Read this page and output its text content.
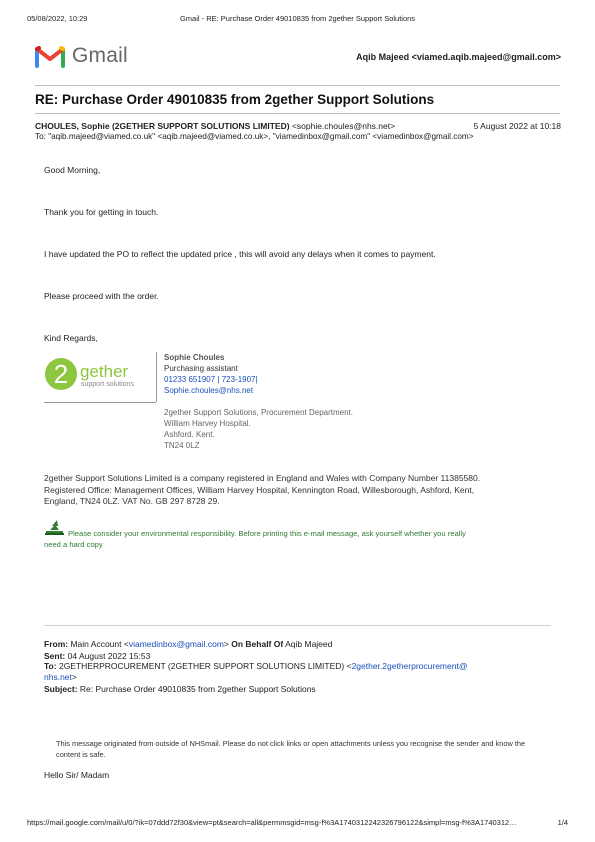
05/08/2022, 10:29	Gmail - RE: Purchase Order 49010835 from 2gether Support Solutions
Gmail	Aqib Majeed <viamed.aqib.majeed@gmail.com>
RE: Purchase Order 49010835 from 2gether Support Solutions
CHOULES, Sophie (2GETHER SUPPORT SOLUTIONS LIMITED) <sophie.choules@nhs.net>	5 August 2022 at 10:18
To: "aqib.majeed@viamed.co.uk" <aqib.majeed@viamed.co.uk>, "viamedinbox@gmail.com" <viamedinbox@gmail.com>
Good Morning,
Thank you for getting in touch.
I have updated the PO to reflect the updated price , this will avoid any delays when it comes to payment.
Please proceed with the order.
Kind Regards,
2 gether
support solutions
Sophie Choules
Purchasing assistant
01233 651907 | 723-1907|
Sophie.choules@nhs.net
2gether Support Solutions, Procurement Department.
William Harvey Hospital.
Ashford. Kent.
TN24 0LZ
2gether Support Solutions Limited is a company registered in England and Wales with Company Number 11385580. Registered Office: Management Offices, William Harvey Hospital, Kennington Road, Willesborough, Ashford, Kent, England, TN24 0LZ. VAT No. GB 297 8728 29.
Please consider your environmental responsibility. Before printing this e-mail message, ask yourself whether you really need a hard copy
From: Main Account <viamedinbox@gmail.com> On Behalf Of Aqib Majeed
Sent: 04 August 2022 15:53
To: 2GETHERPROCUREMENT (2GETHER SUPPORT SOLUTIONS LIMITED) <2gether.2getherprocurement@
nhs.net>
Subject: Re: Purchase Order 49010835 from 2gether Support Solutions
This message originated from outside of NHSmail. Please do not click links or open attachments unless you recognise the sender and know the content is safe.
Hello Sir/ Madam
https://mail.google.com/mail/u/0/?ik=07ddd72f30&view=pt&search=all&permmsgid=msg-f%3A1740312242326796122&simpl=msg-f%3A1740312…	1/4
